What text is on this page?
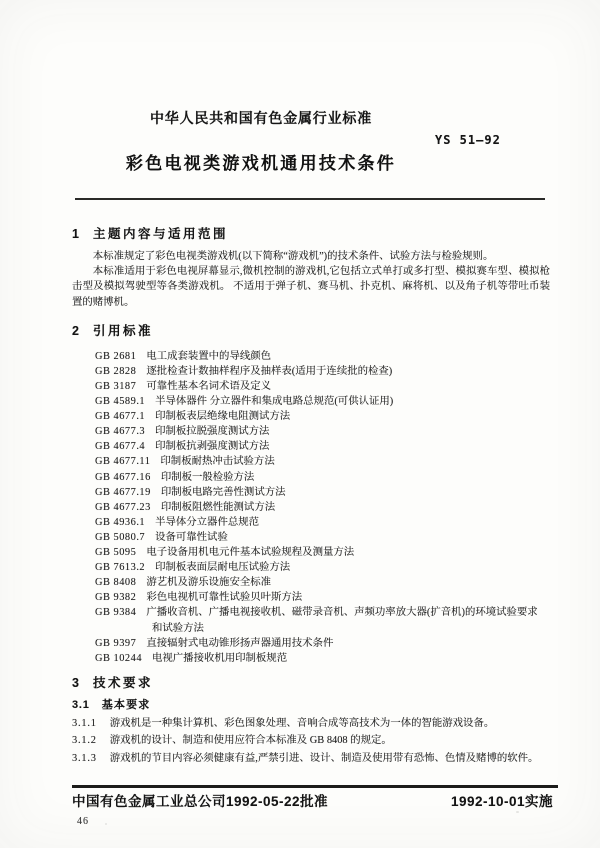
中华人民共和国有色金属行业标准
YS 51—92
彩色电视类游戏机通用技术条件
1 主题内容与适用范围

本标准规定了彩色电视类游戏机(以下简称“游戏机”)的技术条件、试验方法与检验规则。

本标准适用于彩色电视屏幕显示,微机控制的游戏机,它包括立式单打或多打型、模拟赛车型、模拟枪击型及模拟驾驶型等各类游戏机。 不适用于弹子机、赛马机、扑克机、麻将机、以及角子机等带吐币装置的赌博机。

2 引用标准
GB 2681 电工成套装置中的导线颜色
GB 2828 逐批检查计数抽样程序及抽样表(适用于连续批的检查)
GB 3187 可靠性基本名词术语及定义
GB 4589.1 半导体器件 分立器件和集成电路总规范(可供认证用)
GB 4677.1 印制板表层绝缘电阻测试方法
GB 4677.3 印制板拉脱强度测试方法
GB 4677.4 印制板抗剥强度测试方法
GB 4677.11 印制板耐热冲击试验方法
GB 4677.16 印制板一般检验方法
GB 4677.19 印制板电路完善性测试方法
GB 4677.23 印制板阻燃性能测试方法
GB 4936.1 半导体分立器件总规范
GB 5080.7 设备可靠性试验
GB 5095 电子设备用机电元件基本试验规程及测量方法
GB 7613.2 印制板表面层耐电压试验方法
GB 8408 游艺机及游乐设施安全标准
GB 9382 彩色电视机可靠性试验贝叶斯方法
GB 9384 广播收音机、广播电视接收机、磁带录音机、声频功率放大器(扩音机)的环境试验要求
和试验方法
GB 9397 直接辐射式电动锥形扬声器通用技术条件
GB 10244 电视广播接收机用印制板规范
3 技术要求
3.1 基本要求
3.1.1 游戏机是一种集计算机、彩色图象处理、音响合成等高技术为一体的智能游戏设备。
3.1.2 游戏机的设计、制造和使用应符合本标准及 GB 8408 的规定。
3.1.3 游戏机的节目内容必须健康有益,严禁引进、设计、制造及使用带有恐怖、色情及赌博的软件。
中国有色金属工业总公司1992-05-22批准	1992-10-01实施
46
